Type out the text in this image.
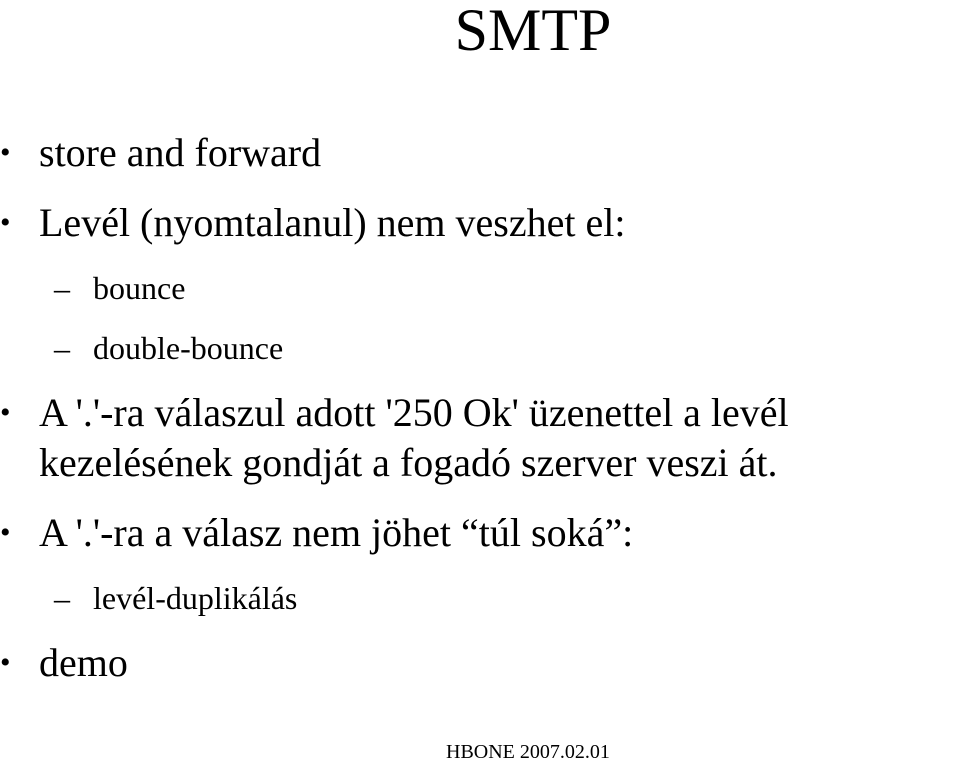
SMTP
• store and forward
• Levél (nyomtalanul) nem veszhet el:
– bounce
– double-bounce
• A '.'-ra válaszul adott '250 Ok' üzenettel a levél
kezelésének gondját a fogadó szerver veszi át.
• A '.'-ra a válasz nem jöhet “túl soká”:
– levél-duplikálás
• demo
HBONE 2007.02.01
